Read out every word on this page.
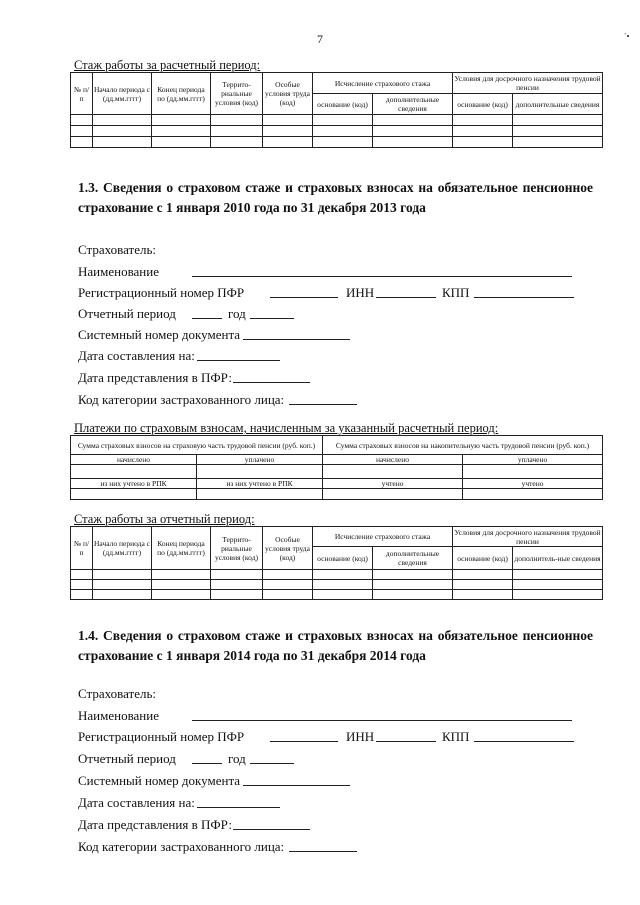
7	`•
Стаж работы за расчетный период:
№ п/п	Начало периода с (дд.мм.гггг)	Конец периода по (дд.мм.гггг)	Террито-риальные условия (код)	Особые условия труда (код)	Исчисление страхового стажа		Условия для досрочного назначения трудовой пенсии	
					основание (код)	дополнительные сведения	основание (код)	дополнительные сведения

1.3. Сведения о страховом стаже и страховых взносах на обязательное пенсионное страхование с 1 января 2010 года по 31 декабря 2013 года
Страхователь:
Наименование
Регистрационный номер ПФР	ИНН	КПП
Отчетный период	год
Системный номер документа
Дата составления на:
Дата представления в ПФР:
Код категории застрахованного лица:
Платежи по страховым взносам, начисленным за указанный расчетный период:
Сумма страховых взносов на страховую часть трудовой пенсии (руб. коп.)		Сумма страховых взносов на накопительную часть трудовой пенсии (руб. коп.)	
начислено	уплачено	начислено	уплачено

из них учтено в РПК	из них учтено в РПК	учтено	учтено

Стаж работы за отчетный период:
№ п/п	Начало периода с (дд.мм.гггг)	Конец периода по (дд.мм.гггг)	Террито-риальные условия (код)	Особые условия труда (код)	Исчисление страхового стажа		Условия для досрочного назначения трудовой пенсии	
					основание (код)	дополнительные сведения	основание (код)	дополнитель-ные сведения

1.4. Сведения о страховом стаже и страховых взносах на обязательное пенсионное страхование с 1 января 2014 года по 31 декабря 2014 года
Страхователь:
Наименование
Регистрационный номер ПФР	ИНН	КПП
Отчетный период	год
Системный номер документа
Дата составления на:
Дата представления в ПФР:
Код категории застрахованного лица:
